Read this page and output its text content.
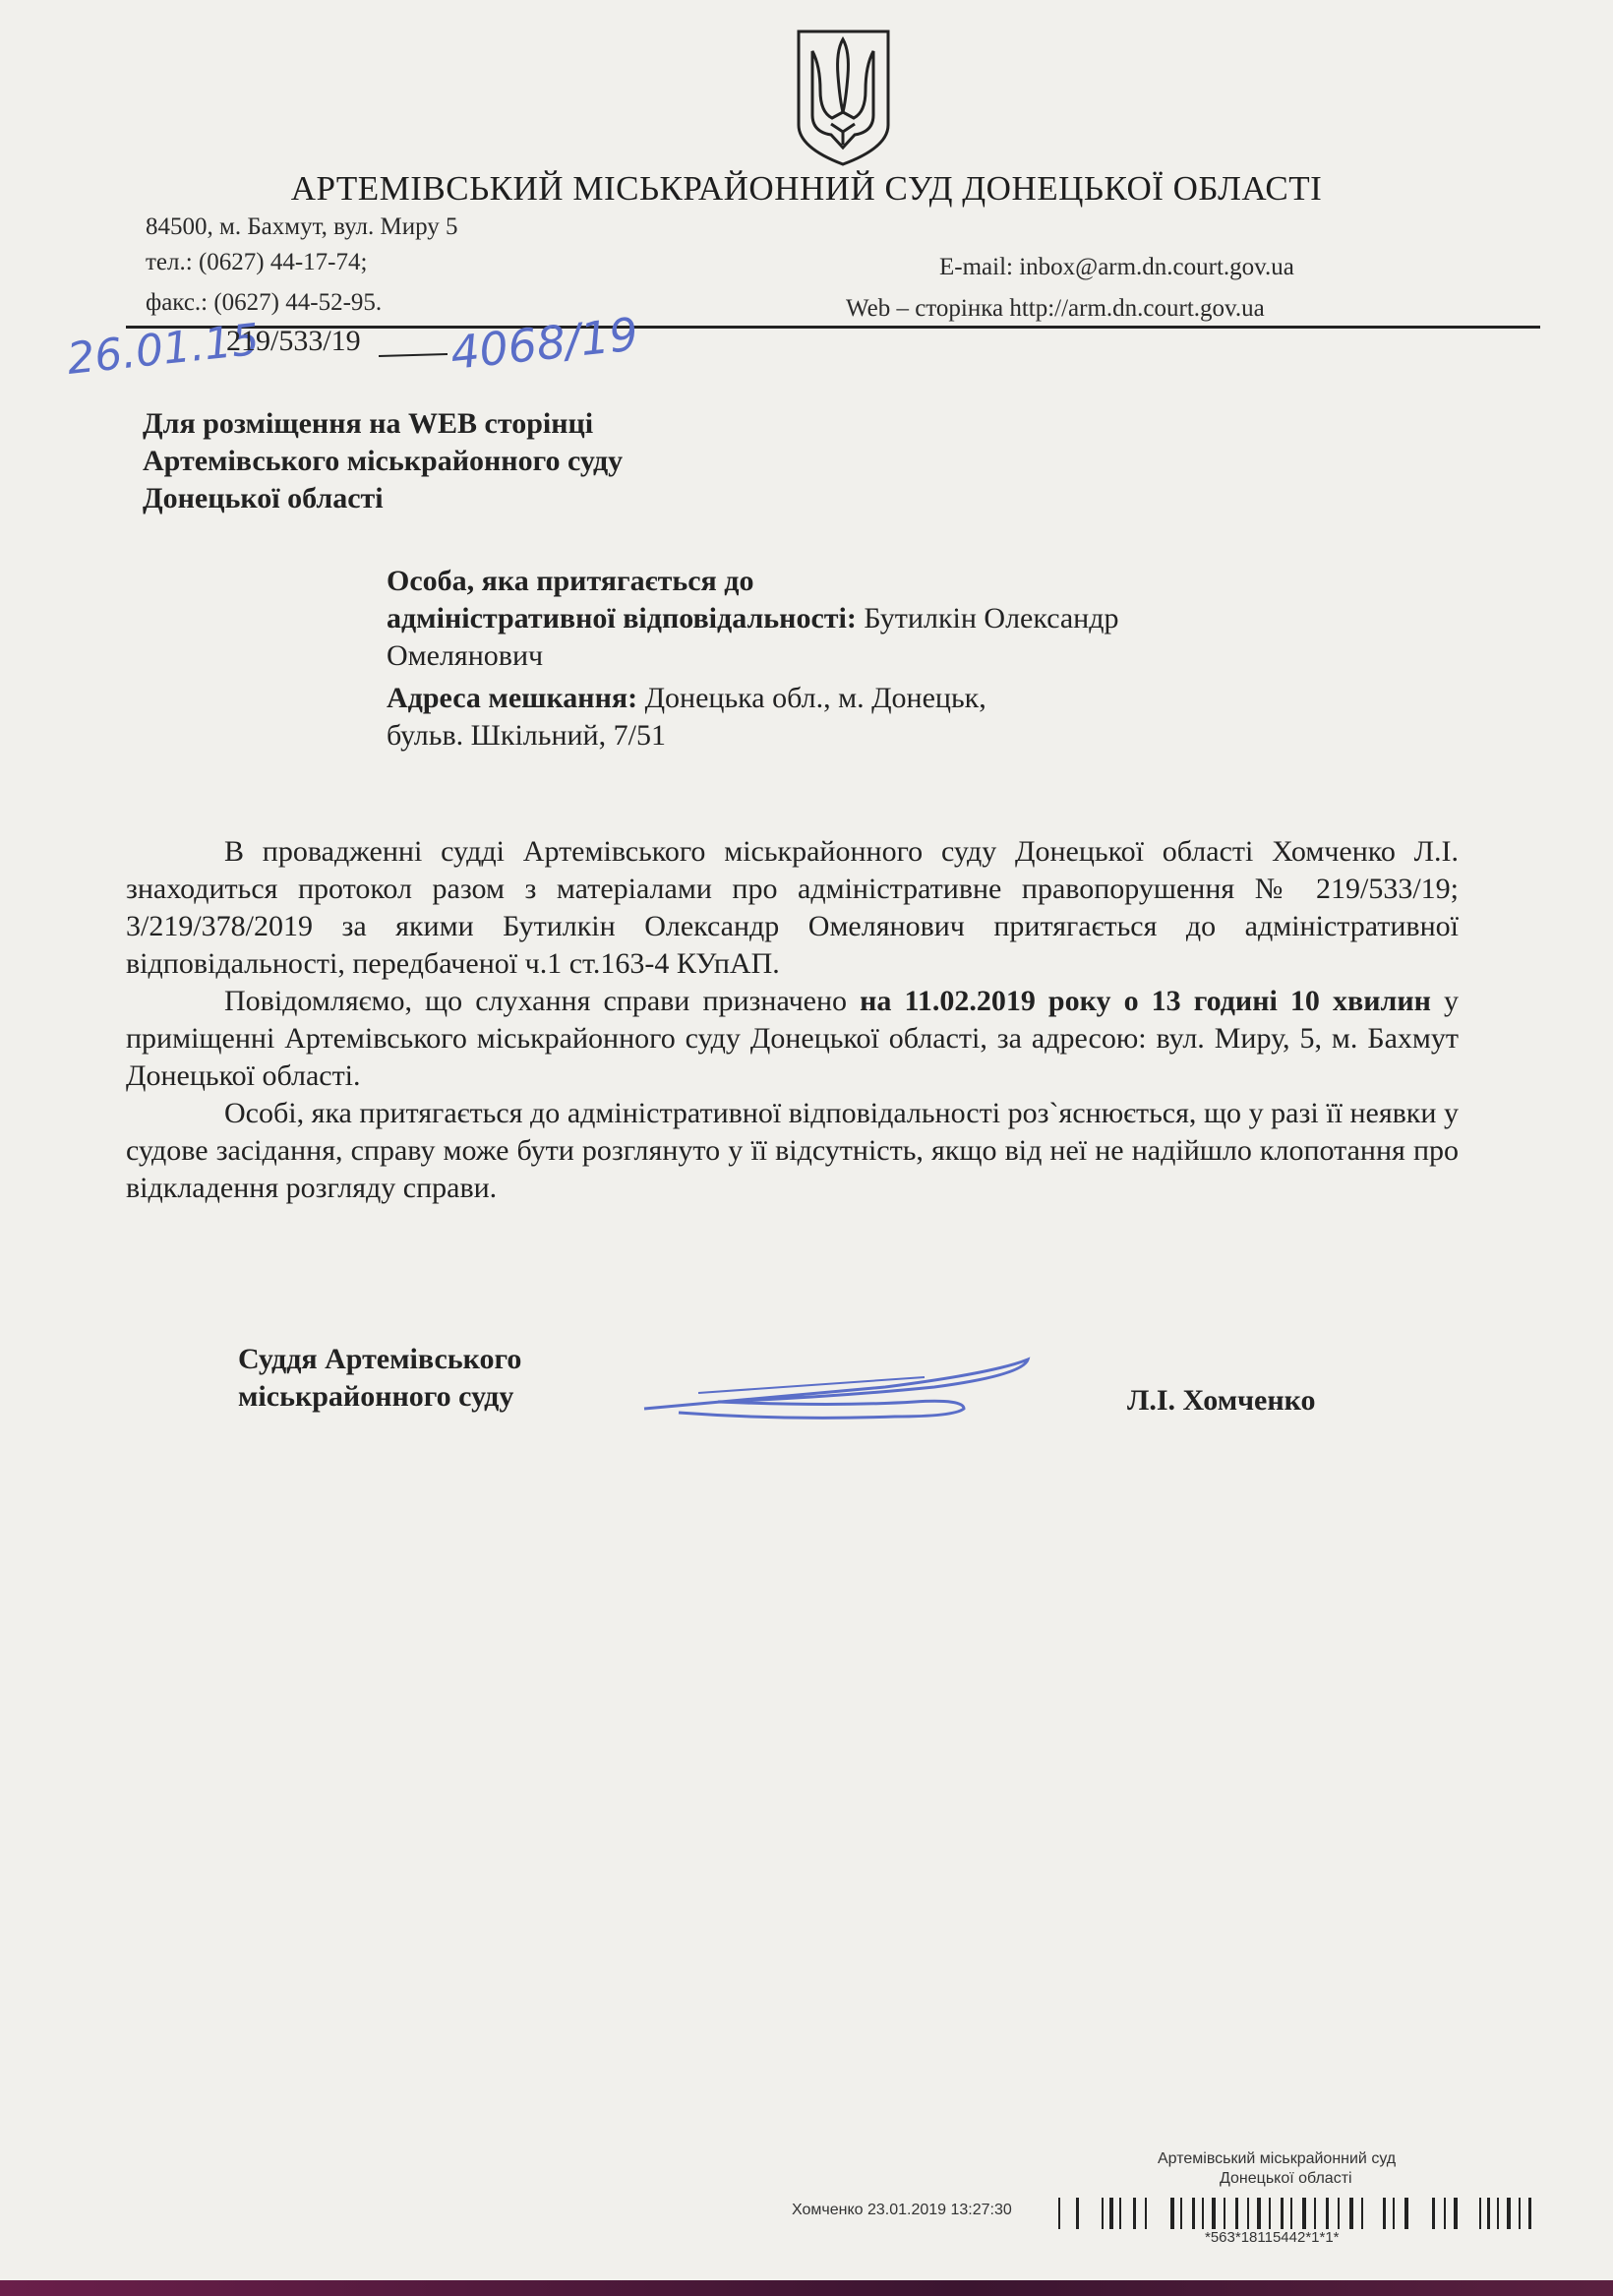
АРТЕМІВСЬКИЙ МІСЬКРАЙОННИЙ СУД ДОНЕЦЬКОЇ ОБЛАСТІ
84500, м. Бахмут, вул. Миру 5
тел.: (0627) 44-17-74;
факс.: (0627) 44-52-95.
E-mail: inbox@arm.dn.court.gov.ua
Web – сторінка http://arm.dn.court.gov.ua
26.01.15	4068/19
219/533/19
Для розміщення на WEB сторінці
Артемівського міськрайонного суду
Донецької області
Особа, яка притягається до
адміністративної відповідальності: Бутилкін Олександр
Омелянович
Адреса мешкання: Донецька обл., м. Донецьк,
бульв. Шкільний, 7/51

В провадженні судді Артемівського міськрайонного суду Донецької області Хомченко Л.І. знаходиться протокол разом з матеріалами про адміністративне правопорушення № 219/533/19; 3/219/378/2019 за якими Бутилкін Олександр Омелянович притягається до адміністративної відповідальності, передбаченої ч.1 ст.163-4 КУпАП.

Повідомляємо, що слухання справи призначено на 11.02.2019 року о 13 годині 10 хвилин у приміщенні Артемівського міськрайонного суду Донецької області, за адресою: вул. Миру, 5, м. Бахмут Донецької області.

Особі, яка притягається до адміністративної відповідальності роз`яснюється, що у разі її неявки у судове засідання, справу може бути розглянуто у її відсутність, якщо від неї не надійшло клопотання про відкладення розгляду справи.

Суддя Артемівського
міськрайонного суду	Л.І. Хомченко
Артемівський міськрайонний суд
Донецької області
Хомченко 23.01.2019 13:27:30
*563*18115442*1*1*
